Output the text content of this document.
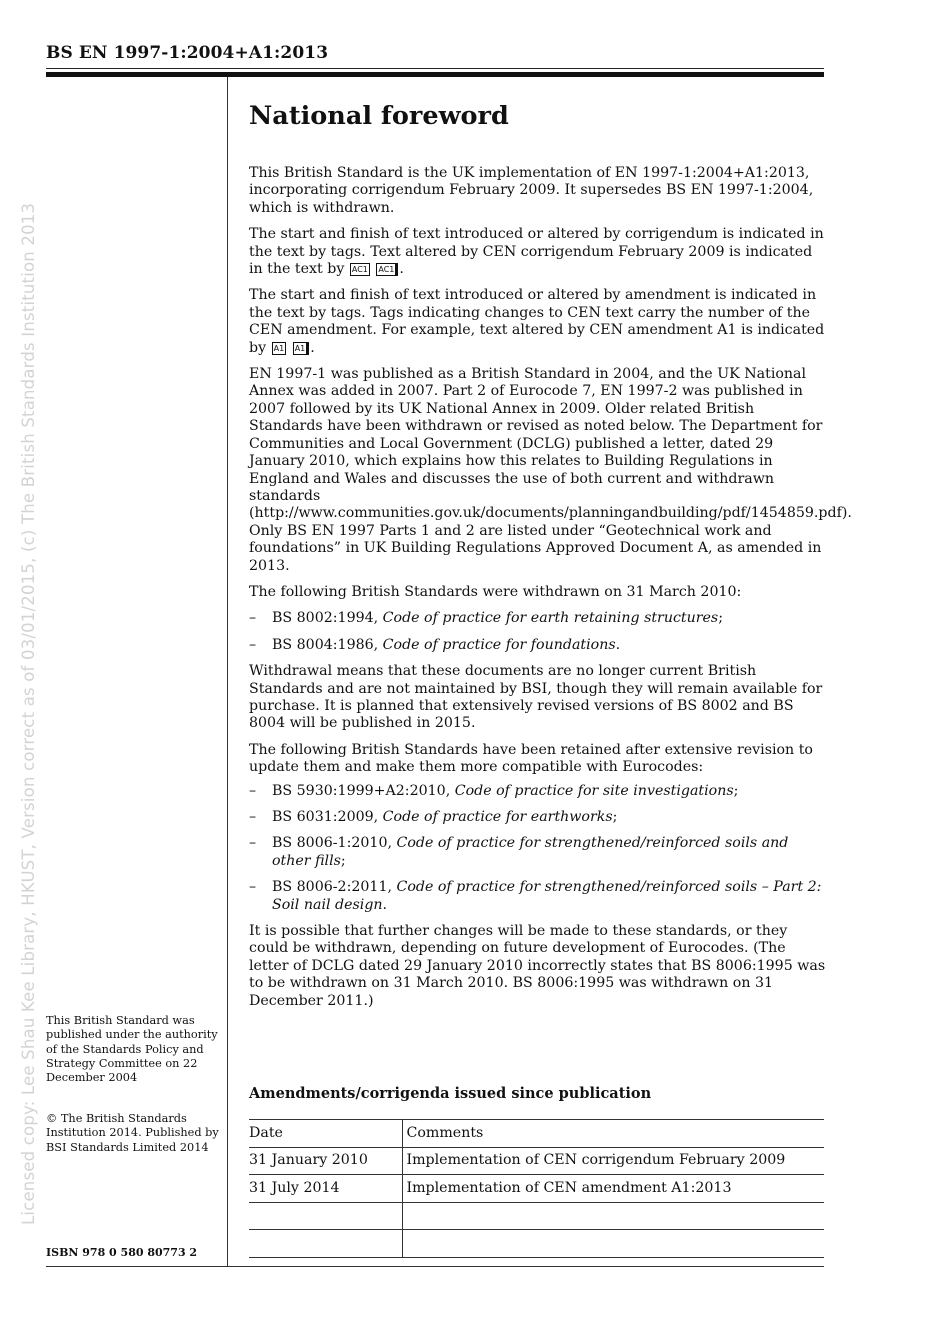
BS EN 1997-1:2004+A1:2013
Licensed copy: Lee Shau Kee Library, HKUST, Version correct as of 03/01/2015, (c) The British Standards Institution 2013
National foreword

This British Standard is the UK implementation of EN 1997-1:2004+A1:2013, incorporating corrigendum February 2009. It supersedes BS EN 1997-1:2004, which is withdrawn.

The start and finish of text introduced or altered by corrigendum is indicated in the text by tags. Text altered by CEN corrigendum February 2009 is indicated in the text by AC1 AC1 .

The start and finish of text introduced or altered by amendment is indicated in the text by tags. Tags indicating changes to CEN text carry the number of the CEN amendment. For example, text altered by CEN amendment A1 is indicated by A1 A1 .

EN 1997-1 was published as a British Standard in 2004, and the UK National Annex was added in 2007. Part 2 of Eurocode 7, EN 1997-2 was published in 2007 followed by its UK National Annex in 2009. Older related British Standards have been withdrawn or revised as noted below. The Department for Communities and Local Government (DCLG) published a letter, dated 29 January 2010, which explains how this relates to Building Regulations in England and Wales and discusses the use of both current and withdrawn standards (http://www.communities.gov.uk/documents/planningandbuilding/pdf/1454859.pdf). Only BS EN 1997 Parts 1 and 2 are listed under “Geotechnical work and foundations” in UK Building Regulations Approved Document A, as amended in 2013.

The following British Standards were withdrawn on 31 March 2010:

–	BS 8002:1994, Code of practice for earth retaining structures;
–	BS 8004:1986, Code of practice for foundations.

Withdrawal means that these documents are no longer current British Standards and are not maintained by BSI, though they will remain available for purchase. It is planned that extensively revised versions of BS 8002 and BS 8004 will be published in 2015.

The following British Standards have been retained after extensive revision to update them and make them more compatible with Eurocodes:

–	BS 5930:1999+A2:2010, Code of practice for site investigations;
–	BS 6031:2009, Code of practice for earthworks;
–	BS 8006-1:2010, Code of practice for strengthened/reinforced soils and other fills;
–	BS 8006-2:2011, Code of practice for strengthened/reinforced soils – Part 2: Soil nail design.

It is possible that further changes will be made to these standards, or they could be withdrawn, depending on future development of Eurocodes. (The letter of DCLG dated 29 January 2010 incorrectly states that BS 8006:1995 was to be withdrawn on 31 March 2010. BS 8006:1995 was withdrawn on 31 December 2011.)

This British Standard was published under the authority of the Standards Policy and Strategy Committee on 22 December 2004
© The British Standards Institution 2014. Published by BSI Standards Limited 2014
ISBN 978 0 580 80773 2
Amendments/corrigenda issued since publication
Date	Comments
31 January 2010	Implementation of CEN corrigendum February 2009
31 July 2014	Implementation of CEN amendment A1:2013
